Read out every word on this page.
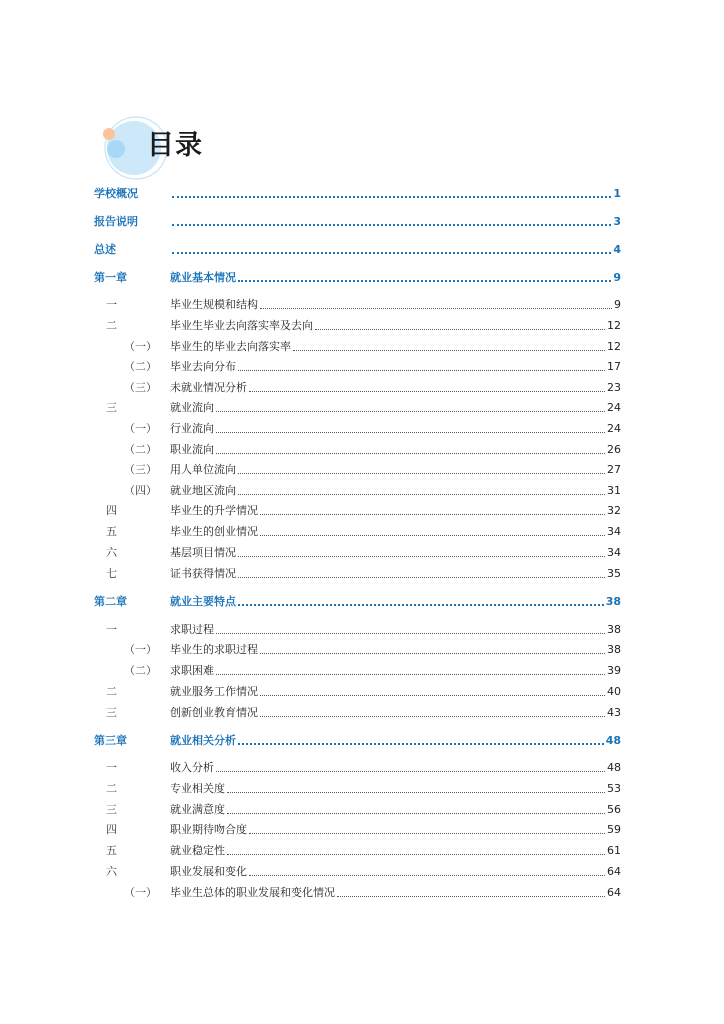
目录
学校概况	1
报告说明	3
总述	4
第一章	就业基本情况	9
一	毕业生规模和结构	9
二	毕业生毕业去向落实率及去向	12
（一） 毕业生的毕业去向落实率	12
（二） 毕业去向分布	17
（三） 未就业情况分析	23
三	就业流向	24
（一） 行业流向	24
（二） 职业流向	26
（三） 用人单位流向	27
（四） 就业地区流向	31
四	毕业生的升学情况	32
五	毕业生的创业情况	34
六	基层项目情况	34
七	证书获得情况	35
第二章	就业主要特点	38
一	求职过程	38
（一） 毕业生的求职过程	38
（二） 求职困难	39
二	就业服务工作情况	40
三	创新创业教育情况	43
第三章	就业相关分析	48
一	收入分析	48
二	专业相关度	53
三	就业满意度	56
四	职业期待吻合度	59
五	就业稳定性	61
六	职业发展和变化	64
（一） 毕业生总体的职业发展和变化情况	64
